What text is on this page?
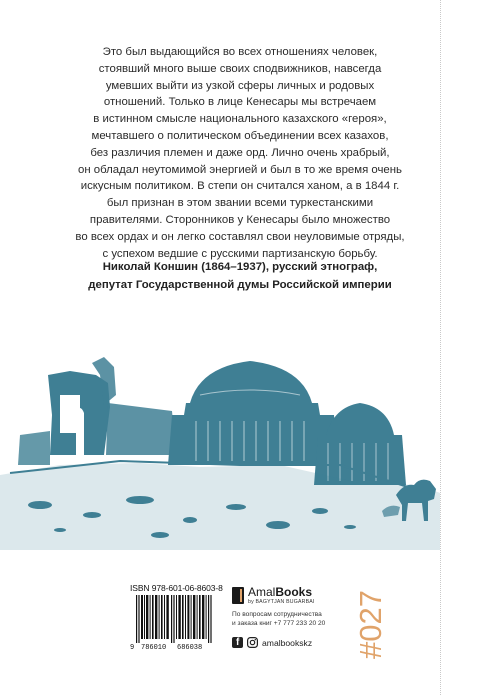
Это был выдающийся во всех отношениях человек,
стоявший много выше своих сподвижников, навсегда
умевших выйти из узкой сферы личных и родовых
отношений. Только в лице Кенесары мы встречаем
в истинном смысле национального казахского «героя»,
мечтавшего о политическом объединении всех казахов,
без различия племен и даже орд. Лично очень храбрый,
он обладал неутомимой энергией и был в то же время очень
искусным политиком. В степи он считался ханом, а в 1844 г.
был признан в этом звании всеми туркестанскими
правителями. Сторонников у Кенесары было множество
во всех ордах и он легко составлял свои неуловимые отряды,
с успехом ведшие с русскими партизанскую борьбу.
Николай Коншин (1864–1937), русский этнограф,
депутат Государственной думы Российской империи
ISBN 978-601-06-8603-8
9 786010 686038
AmalBooks
by BAGYTJAN BUGARBAI
По вопросам сотрудничества
и заказа книг +7 777 233 20 20
f	amalbookskz #027
